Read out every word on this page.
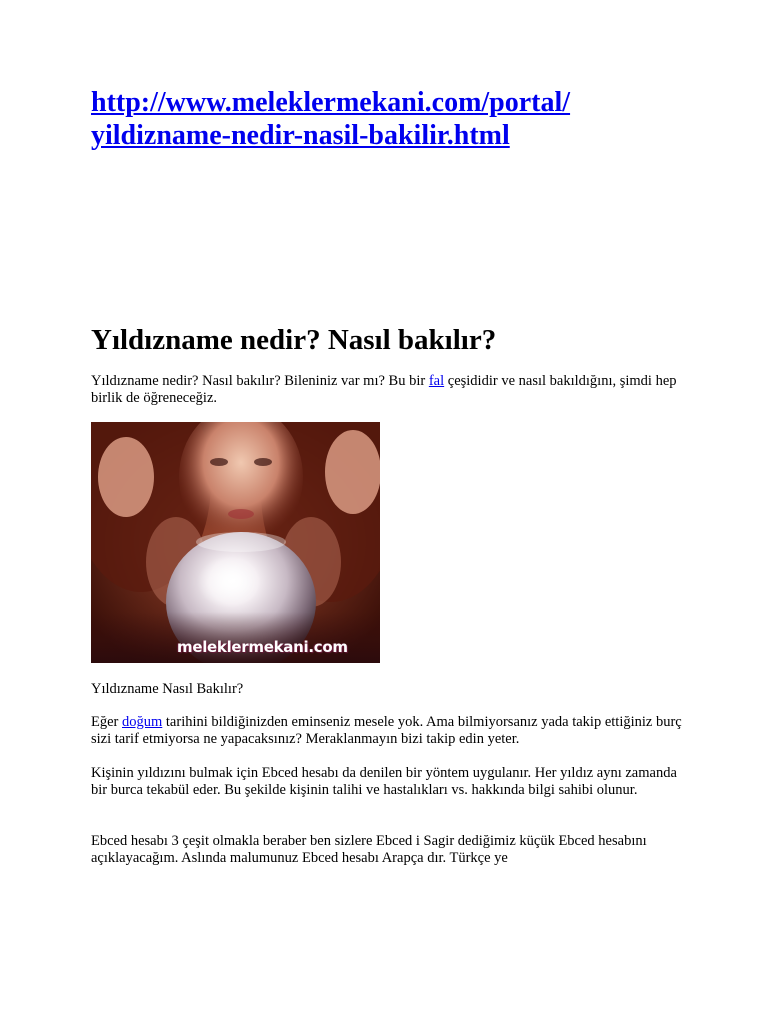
http://www.meleklermekani.com/portal/
yildizname-nedir-nasil-bakilir.html
Yıldızname nedir? Nasıl bakılır?

Yıldızname nedir? Nasıl bakılır? Bileniniz var mı? Bu bir fal çeşididir ve nasıl bakıldığını, şimdi hep birlik de öğreneceğiz.

meleklermekani.com

Yıldızname Nasıl Bakılır?

Eğer doğum tarihini bildiğinizden eminseniz mesele yok. Ama bilmiyorsanız yada takip ettiğiniz burç sizi tarif etmiyorsa ne yapacaksınız? Meraklanmayın bizi takip edin yeter.

Kişinin yıldızını bulmak için Ebced hesabı da denilen bir yöntem uygulanır. Her yıldız aynı zamanda bir burca tekabül eder. Bu şekilde kişinin talihi ve hastalıkları vs. hakkında bilgi sahibi olunur.

Ebced hesabı 3 çeşit olmakla beraber ben sizlere Ebced i Sagir dediğimiz küçük Ebced hesabını açıklayacağım. Aslında malumunuz Ebced hesabı Arapça dır. Türkçe ye
